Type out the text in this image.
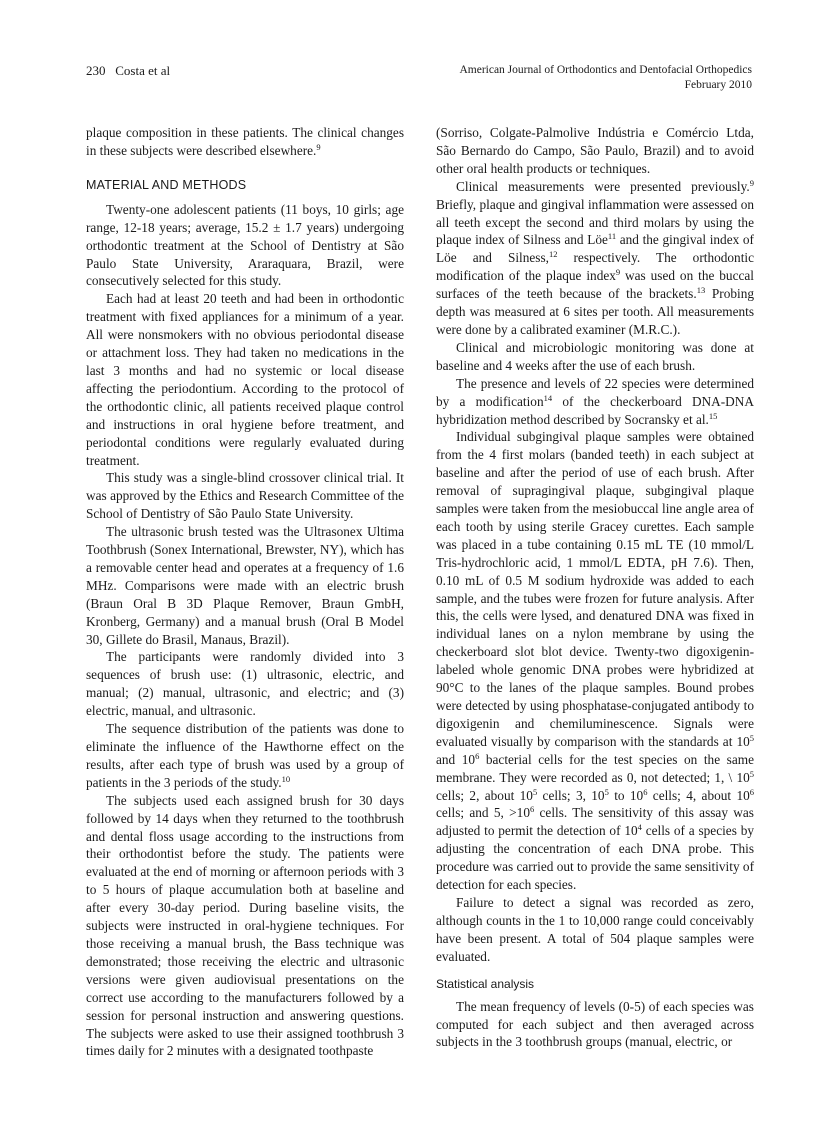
230 Costa et al	American Journal of Orthodontics and Dentofacial Orthopedics
February 2010

plaque composition in these patients. The clinical changes in these subjects were described elsewhere.$^9$

MATERIAL AND METHODS

Twenty-one adolescent patients (11 boys, 10 girls; age range, 12-18 years; average, 15.2 ± 1.7 years) undergoing orthodontic treatment at the School of Dentistry at São Paulo State University, Araraquara, Brazil, were consecutively selected for this study.

Each had at least 20 teeth and had been in orthodontic treatment with fixed appliances for a minimum of a year. All were nonsmokers with no obvious periodontal disease or attachment loss. They had taken no medications in the last 3 months and had no systemic or local disease affecting the periodontium. According to the protocol of the orthodontic clinic, all patients received plaque control and instructions in oral hygiene before treatment, and periodontal conditions were regularly evaluated during treatment.

This study was a single-blind crossover clinical trial. It was approved by the Ethics and Research Committee of the School of Dentistry of São Paulo State University.

The ultrasonic brush tested was the Ultrasonex Ultima Toothbrush (Sonex International, Brewster, NY), which has a removable center head and operates at a frequency of 1.6 MHz. Comparisons were made with an electric brush (Braun Oral B 3D Plaque Remover, Braun GmbH, Kronberg, Germany) and a manual brush (Oral B Model 30, Gillete do Brasil, Manaus, Brazil).

The participants were randomly divided into 3 sequences of brush use: (1) ultrasonic, electric, and manual; (2) manual, ultrasonic, and electric; and (3) electric, manual, and ultrasonic.

The sequence distribution of the patients was done to eliminate the influence of the Hawthorne effect on the results, after each type of brush was used by a group of patients in the 3 periods of the study.$^{10}$

The subjects used each assigned brush for 30 days followed by 14 days when they returned to the toothbrush and dental floss usage according to the instructions from their orthodontist before the study. The patients were evaluated at the end of morning or afternoon periods with 3 to 5 hours of plaque accumulation both at baseline and after every 30-day period. During baseline visits, the subjects were instructed in oral-hygiene techniques. For those receiving a manual brush, the Bass technique was demonstrated; those receiving the electric and ultrasonic versions were given audiovisual presentations on the correct use according to the manufacturers followed by a session for personal instruction and answering questions. The subjects were asked to use their assigned toothbrush 3 times daily for 2 minutes with a designated toothpaste

(Sorriso, Colgate-Palmolive Indústria e Comércio Ltda, São Bernardo do Campo, São Paulo, Brazil) and to avoid other oral health products or techniques.

Clinical measurements were presented previously.$^9$ Briefly, plaque and gingival inflammation were assessed on all teeth except the second and third molars by using the plaque index of Silness and Löe$^{11}$ and the gingival index of Löe and Silness,$^{12}$ respectively. The orthodontic modification of the plaque index$^9$ was used on the buccal surfaces of the teeth because of the brackets.$^{13}$ Probing depth was measured at 6 sites per tooth. All measurements were done by a calibrated examiner (M.R.C.).

Clinical and microbiologic monitoring was done at baseline and 4 weeks after the use of each brush.

The presence and levels of 22 species were determined by a modification$^{14}$ of the checkerboard DNA-DNA hybridization method described by Socransky et al.$^{15}$

Individual subgingival plaque samples were obtained from the 4 first molars (banded teeth) in each subject at baseline and after the period of use of each brush. After removal of supragingival plaque, subgingival plaque samples were taken from the mesiobuccal line angle area of each tooth by using sterile Gracey curettes. Each sample was placed in a tube containing 0.15 mL TE (10 mmol/L Tris-hydrochloric acid, 1 mmol/L EDTA, pH 7.6). Then, 0.10 mL of 0.5 M sodium hydroxide was added to each sample, and the tubes were frozen for future analysis. After this, the cells were lysed, and denatured DNA was fixed in individual lanes on a nylon membrane by using the checkerboard slot blot device. Twenty-two digoxigenin-labeled whole genomic DNA probes were hybridized at 90°C to the lanes of the plaque samples. Bound probes were detected by using phosphatase-conjugated antibody to digoxigenin and chemiluminescence. Signals were evaluated visually by comparison with the standards at $10^5$ and $10^6$ bacterial cells for the test species on the same membrane. They were recorded as 0, not detected; 1, \ $10^5$ cells; 2, about $10^5$ cells; 3, $10^5$ to $10^6$ cells; 4, about $10^6$ cells; and 5, $>10^6$ cells. The sensitivity of this assay was adjusted to permit the detection of $10^4$ cells of a species by adjusting the concentration of each DNA probe. This procedure was carried out to provide the same sensitivity of detection for each species.

Failure to detect a signal was recorded as zero, although counts in the 1 to 10,000 range could conceivably have been present. A total of 504 plaque samples were evaluated.

Statistical analysis

The mean frequency of levels (0-5) of each species was computed for each subject and then averaged across subjects in the 3 toothbrush groups (manual, electric, or
